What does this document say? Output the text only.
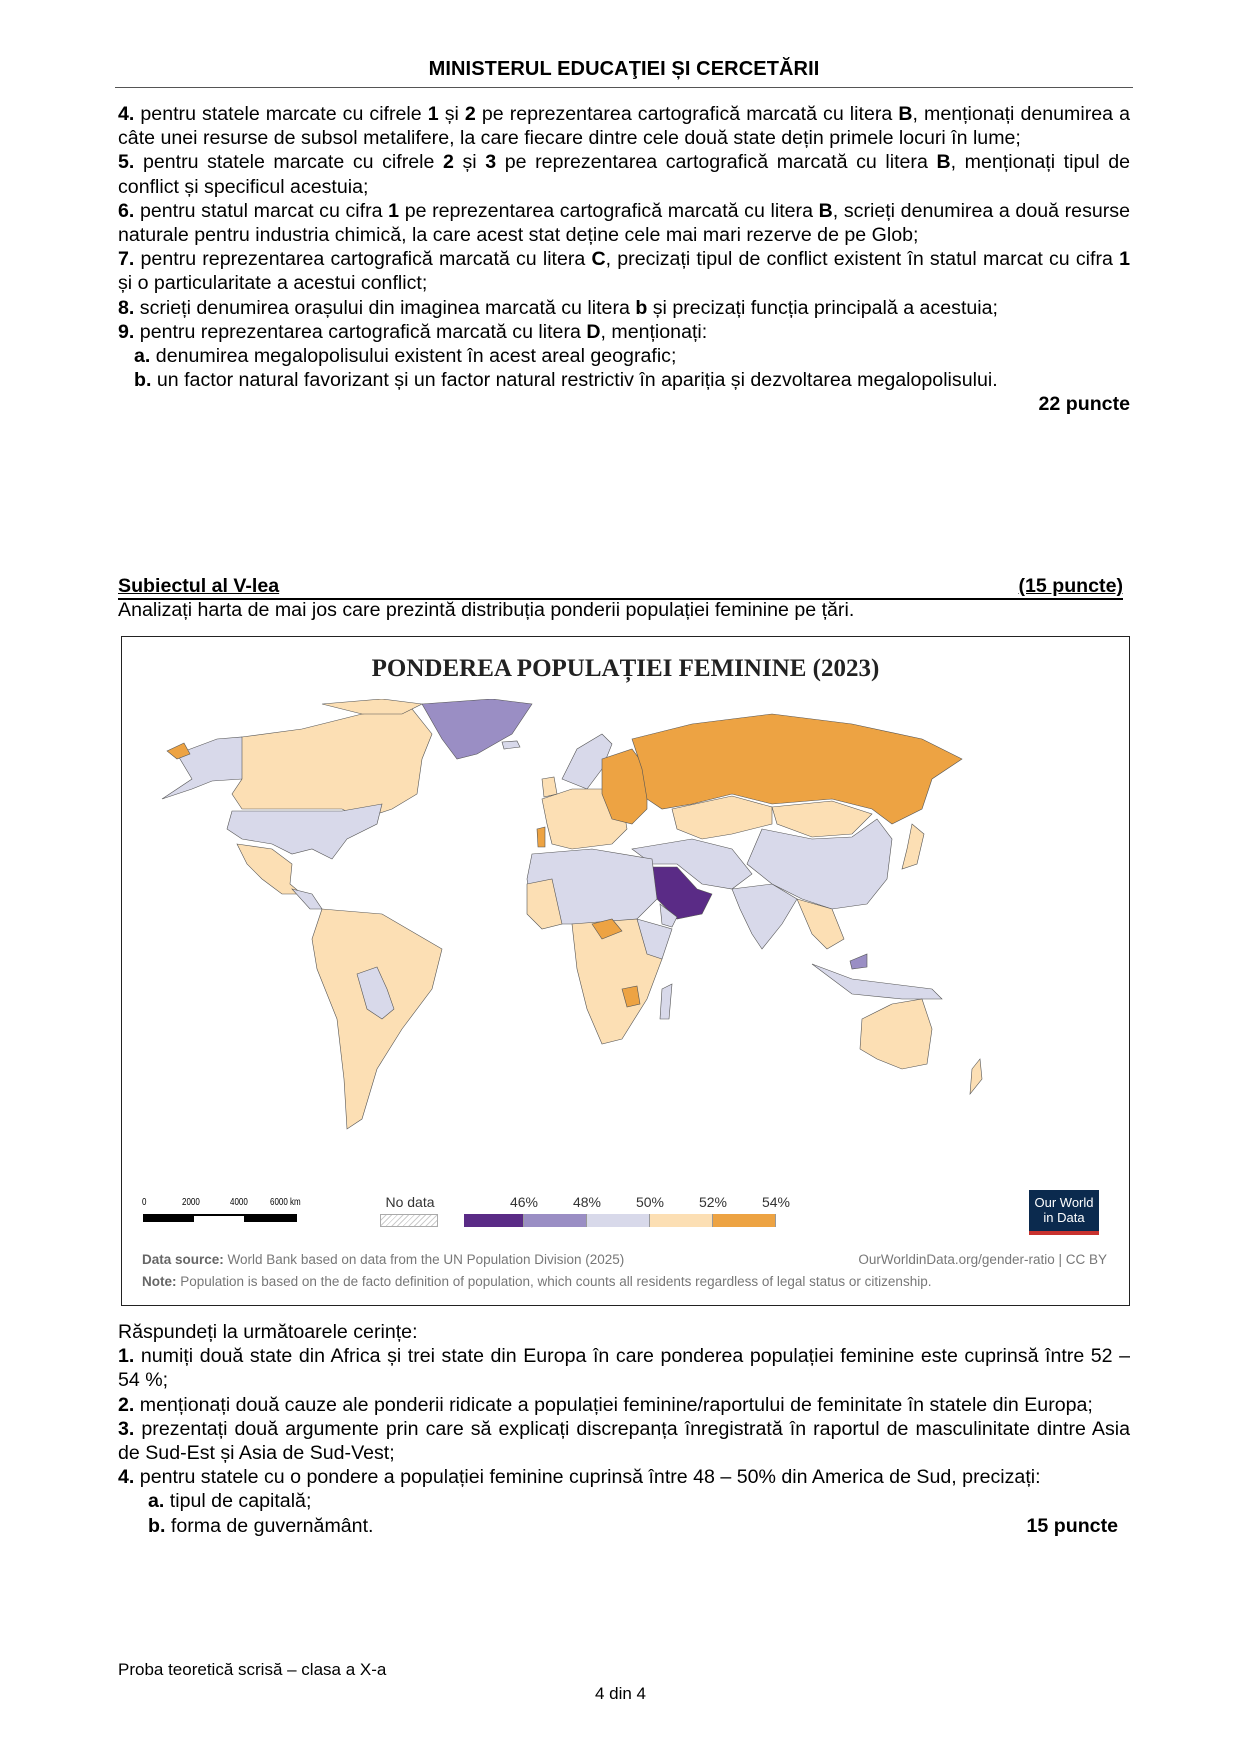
MINISTERUL EDUCAŢIEI ȘI CERCETĂRII

4. pentru statele marcate cu cifrele 1 și 2 pe reprezentarea cartografică marcată cu litera B, menționați denumirea a câte unei resurse de subsol metalifere, la care fiecare dintre cele două state dețin primele locuri în lume;

5. pentru statele marcate cu cifrele 2 și 3 pe reprezentarea cartografică marcată cu litera B, menționați tipul de conflict și specificul acestuia;

6. pentru statul marcat cu cifra 1 pe reprezentarea cartografică marcată cu litera B, scrieți denumirea a două resurse naturale pentru industria chimică, la care acest stat deține cele mai mari rezerve de pe Glob;

7. pentru reprezentarea cartografică marcată cu litera C, precizați tipul de conflict existent în statul marcat cu cifra 1 și o particularitate a acestui conflict;

8. scrieți denumirea orașului din imaginea marcată cu litera b și precizați funcția principală a acestuia;

9. pentru reprezentarea cartografică marcată cu litera D, menționați:

a. denumirea megalopolisului existent în acest areal geografic;

b. un factor natural favorizant și un factor natural restrictiv în apariția și dezvoltarea megalopolisului.

22 puncte

Subiectul al V-lea	(15 puncte)
Analizați harta de mai jos care prezintă distribuția ponderii populației feminine pe țări.
PONDEREA POPULAȚIEI FEMININE (2023)
0	2000	4000 6000 km	No data	46% 48% 50% 52% 54%	Our World
in Data
Data source: World Bank based on data from the UN Population Division (2025)	OurWorldinData.org/gender-ratio | CC BY
Note: Population is based on the de facto definition of population, which counts all residents regardless of legal status or citizenship.

Răspundeți la următoarele cerințe:

1. numiți două state din Africa și trei state din Europa în care ponderea populației feminine este cuprinsă între 52 – 54 %;

2. menționați două cauze ale ponderii ridicate a populației feminine/raportului de feminitate în statele din Europa;

3. prezentați două argumente prin care să explicați discrepanța înregistrată în raportul de masculinitate dintre Asia de Sud-Est și Asia de Sud-Vest;

4. pentru statele cu o pondere a populației feminine cuprinsă între 48 – 50% din America de Sud, precizați:

a. tipul de capitală;

b. forma de guvernământ.	15 puncte

Proba teoretică scrisă – clasa a X-a
4 din 4
